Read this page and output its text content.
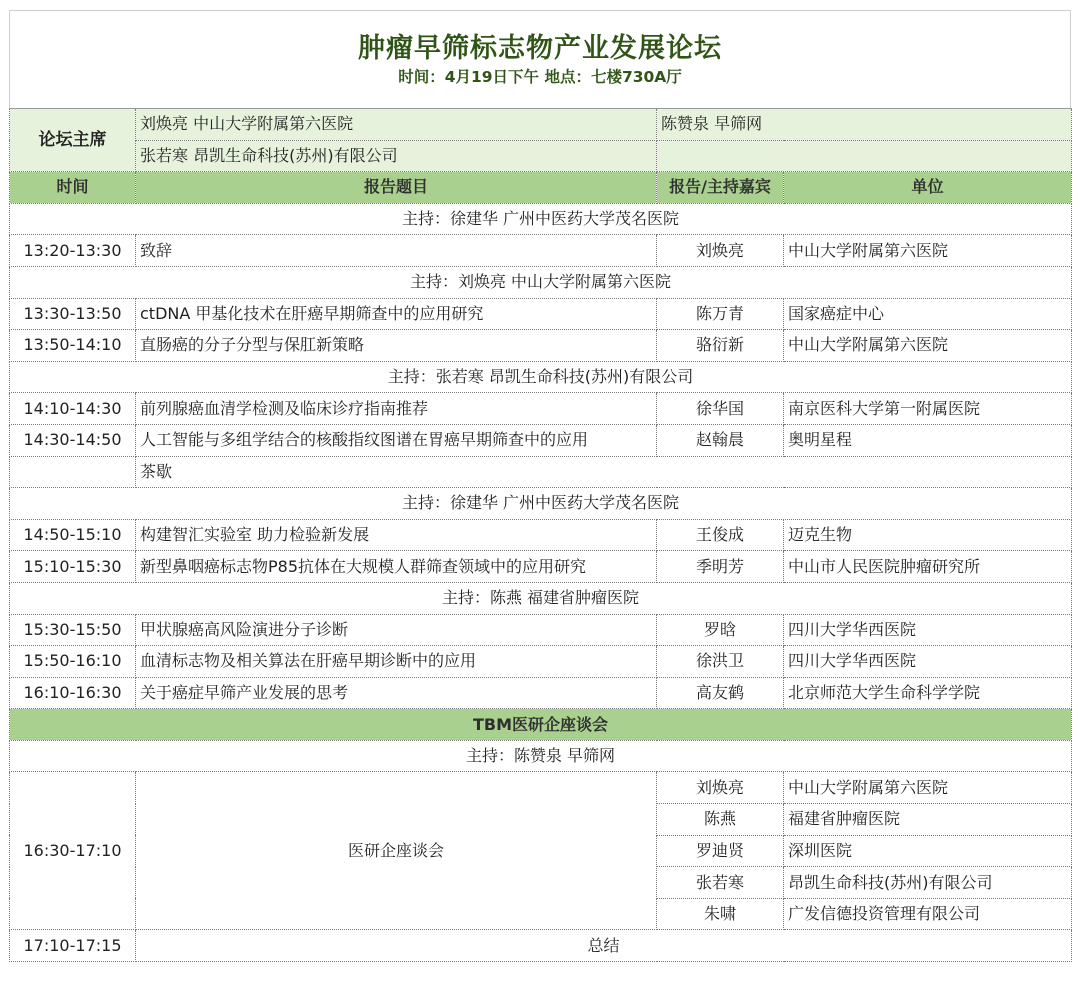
肿瘤早筛标志物产业发展论坛
时间：4月19日下午 地点：七楼730A厅
论坛主席	刘焕亮 中山大学附属第六医院	陈赞泉 早筛网	
	张若寒 昂凯生命科技(苏州)有限公司		
时间	报告题目	报告/主持嘉宾	单位
主持：徐建华 广州中医药大学茂名医院			
13:20-13:30	致辞	刘焕亮	中山大学附属第六医院
主持：刘焕亮 中山大学附属第六医院			
13:30-13:50	ctDNA 甲基化技术在肝癌早期筛查中的应用研究	陈万青	国家癌症中心
13:50-14:10	直肠癌的分子分型与保肛新策略	骆衍新	中山大学附属第六医院
主持：张若寒 昂凯生命科技(苏州)有限公司			
14:10-14:30	前列腺癌血清学检测及临床诊疗指南推荐	徐华国	南京医科大学第一附属医院
14:30-14:50	人工智能与多组学结合的核酸指纹图谱在胃癌早期筛查中的应用	赵翰晨	奥明星程
	茶歇		
主持：徐建华 广州中医药大学茂名医院			
14:50-15:10	构建智汇实验室 助力检验新发展	王俊成	迈克生物
15:10-15:30	新型鼻咽癌标志物P85抗体在大规模人群筛查领域中的应用研究	季明芳	中山市人民医院肿瘤研究所
主持：陈燕 福建省肿瘤医院			
15:30-15:50	甲状腺癌高风险演进分子诊断	罗晗	四川大学华西医院
15:50-16:10	血清标志物及相关算法在肝癌早期诊断中的应用	徐洪卫	四川大学华西医院
16:10-16:30	关于癌症早筛产业发展的思考	高友鹤	北京师范大学生命科学学院
TBM医研企座谈会			
主持：陈赞泉 早筛网			
16:30-17:10	医研企座谈会	刘焕亮	中山大学附属第六医院
		陈燕	福建省肿瘤医院
		罗迪贤	深圳医院
		张若寒	昂凯生命科技(苏州)有限公司
		朱啸	广发信德投资管理有限公司
17:10-17:15	总结		
